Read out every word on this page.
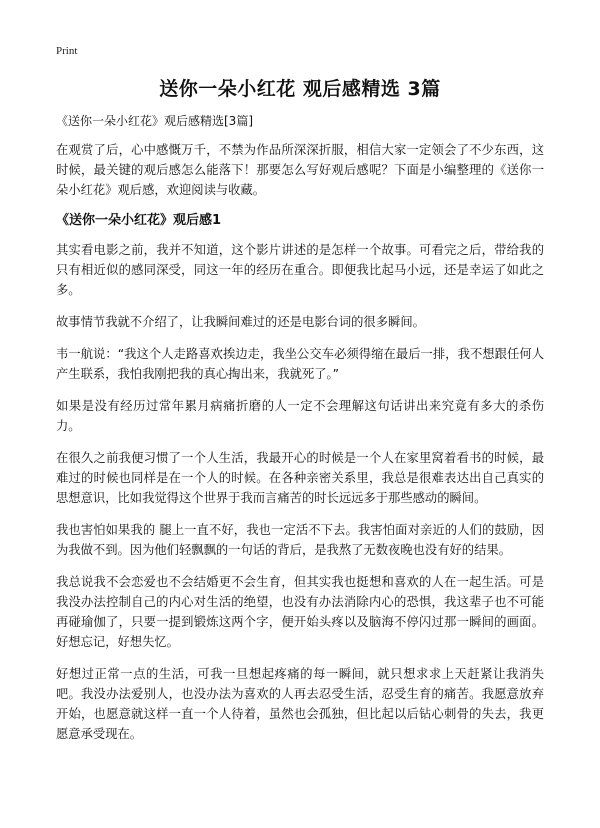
Print
送你一朵小红花 观后感精选 3篇
《送你一朵小红花》观后感精选[3篇]

在观赏了后，心中感慨万千，不禁为作品所深深折服，相信大家一定领会了不少东西，这时候，最关键的观后感怎么能落下！那要怎么写好观后感呢？下面是小编整理的《送你一朵小红花》观后感，欢迎阅读与收藏。

《送你一朵小红花》观后感1

其实看电影之前，我并不知道，这个影片讲述的是怎样一个故事。可看完之后，带给我的只有相近似的感同深受，同这一年的经历在重合。即便我比起马小远，还是幸运了如此之多。

故事情节我就不介绍了，让我瞬间难过的还是电影台词的很多瞬间。

韦一航说：“我这个人走路喜欢挨边走，我坐公交车必须得缩在最后一排，我不想跟任何人产生联系，我怕我刚把我的真心掏出来，我就死了。”

如果是没有经历过常年累月病痛折磨的人一定不会理解这句话讲出来究竟有多大的杀伤力。

在很久之前我便习惯了一个人生活，我最开心的时候是一个人在家里窝着看书的时候，最难过的时候也同样是在一个人的时候。在各种亲密关系里，我总是很难表达出自己真实的思想意识，比如我觉得这个世界于我而言痛苦的时长远远多于那些感动的瞬间。

我也害怕如果我的 腿上一直不好，我也一定活不下去。我害怕面对亲近的人们的鼓励，因为我做不到。因为他们轻飘飘的一句话的背后，是我熬了无数夜晚也没有好的结果。

我总说我不会恋爱也不会结婚更不会生育，但其实我也挺想和喜欢的人在一起生活。可是我没办法控制自己的内心对生活的绝望，也没有办法消除内心的恐惧，我这辈子也不可能再碰瑜伽了，只要一提到锻炼这两个字，便开始头疼以及脑海不停闪过那一瞬间的画面。好想忘记，好想失忆。

好想过正常一点的生活，可我一旦想起疼痛的每一瞬间，就只想求求上天赶紧让我消失吧。我没办法爱别人，也没办法为喜欢的人再去忍受生活，忍受生育的痛苦。我愿意放弃开始，也愿意就这样一直一个人待着，虽然也会孤独，但比起以后钻心刺骨的失去，我更愿意承受现在。
